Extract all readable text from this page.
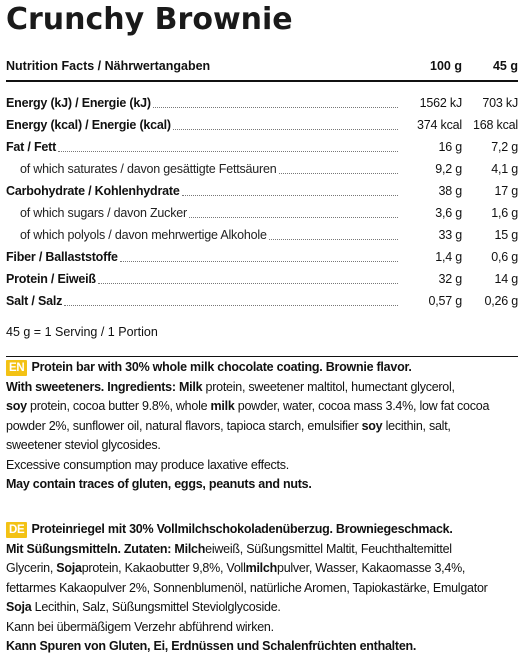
Crunchy Brownie
Nutrition Facts / Nährwertangaben	100 g	45 g
Energy (kJ) / Energie (kJ)	1562 kJ	703 kJ
Energy (kcal) / Energie (kcal)	374 kcal 168 kcal
Fat / Fett	16 g	7,2 g
of which saturates / davon gesättigte Fettsäuren	9,2 g	4,1 g
Carbohydrate / Kohlenhydrate	38 g	17 g
of which sugars / davon Zucker	3,6 g	1,6 g
of which polyols / davon mehrwertige Alkohole	33 g	15 g
Fiber / Ballaststoffe	1,4 g	0,6 g
Protein / Eiweiß	32 g	14 g
Salt / Salz	0,57 g	0,26 g
45 g = 1 Serving / 1 Portion

EN Protein bar with 30% whole milk chocolate coating. Brownie flavor.

With sweeteners. Ingredients: Milk protein, sweetener maltitol, humectant glycerol,

soy protein, cocoa butter 9.8%, whole milk powder, water, cocoa mass 3.4%, low fat cocoa

powder 2%, sunflower oil, natural flavors, tapioca starch, emulsifier soy lecithin, salt,

sweetener steviol glycosides.

Excessive consumption may produce laxative effects.

May contain traces of gluten, eggs, peanuts and nuts.

DE Proteinriegel mit 30% Vollmilchschokoladenüberzug. Browniegeschmack.

Mit Süßungsmitteln. Zutaten: Milcheiweiß, Süßungsmittel Maltit, Feuchthaltemittel

Glycerin, Sojaprotein, Kakaobutter 9,8%, Vollmilchpulver, Wasser, Kakaomasse 3,4%,

fettarmes Kakaopulver 2%, Sonnenblumenöl, natürliche Aromen, Tapiokastärke, Emulgator

Soja Lecithin, Salz, Süßungsmittel Steviolglycoside.

Kann bei übermäßigem Verzehr abführend wirken.

Kann Spuren von Gluten, Ei, Erdnüssen und Schalenfrüchten enthalten.
